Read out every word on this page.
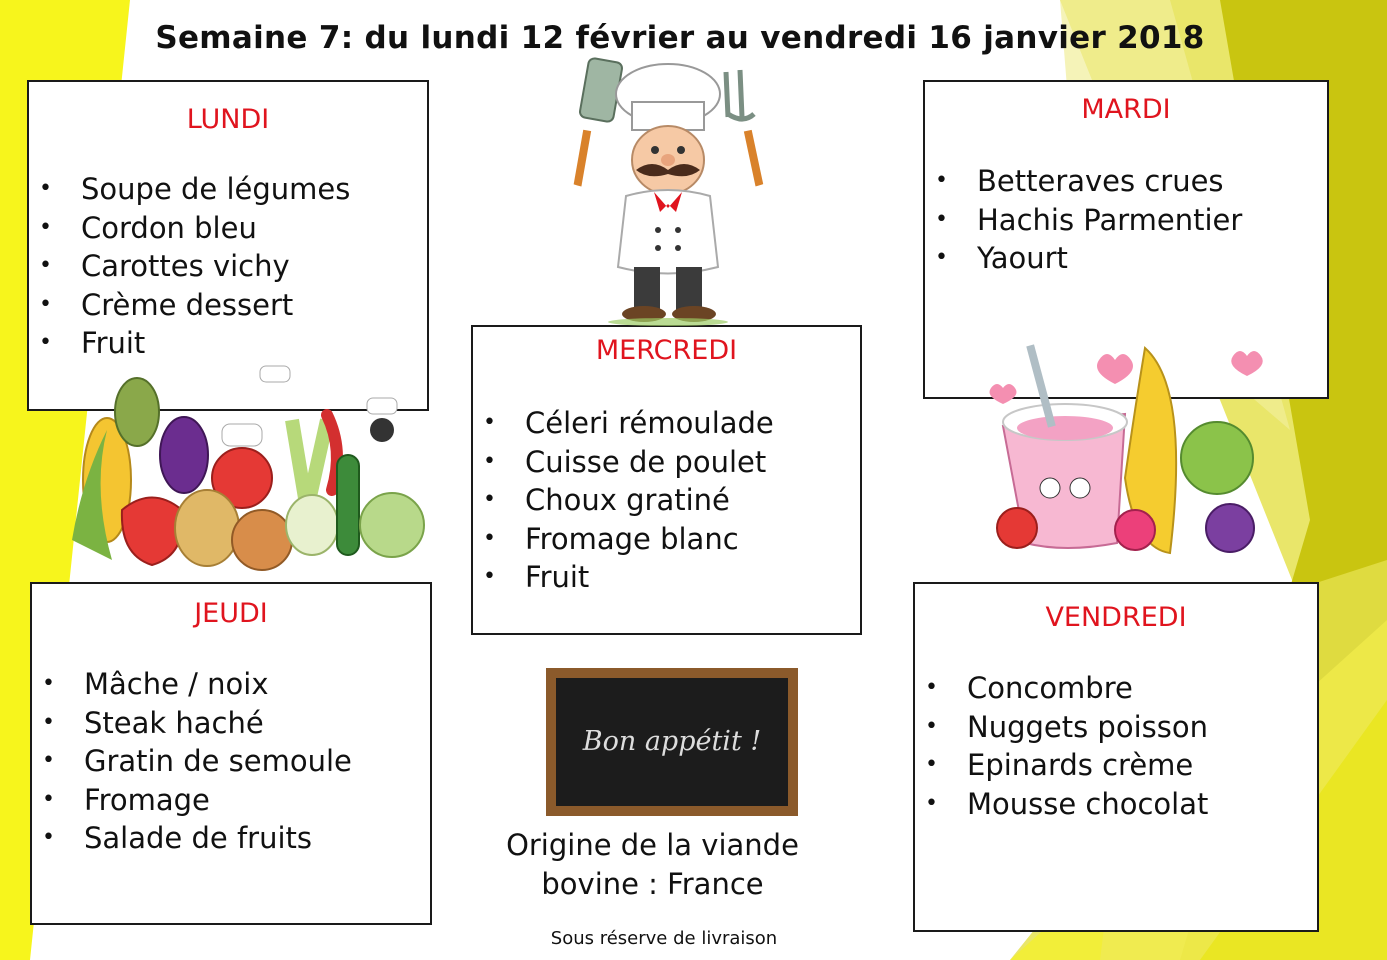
Semaine 7: du lundi 12 février au vendredi 16 janvier 2018
LUNDI
• Soupe de légumes
• Cordon bleu
• Carottes vichy
• Crème dessert
• Fruit
MARDI
• Betteraves crues
• Hachis Parmentier
• Yaourt
MERCREDI
• Céleri rémoulade
• Cuisse de poulet
• Choux gratiné
• Fromage blanc
• Fruit
JEUDI
• Mâche / noix
• Steak haché
• Gratin de semoule
• Fromage
• Salade de fruits
VENDREDI
• Concombre
• Nuggets poisson
• Epinards crème
• Mousse chocolat
Bon appétit !
Origine de la viande
bovine : France
Sous réserve de livraison
